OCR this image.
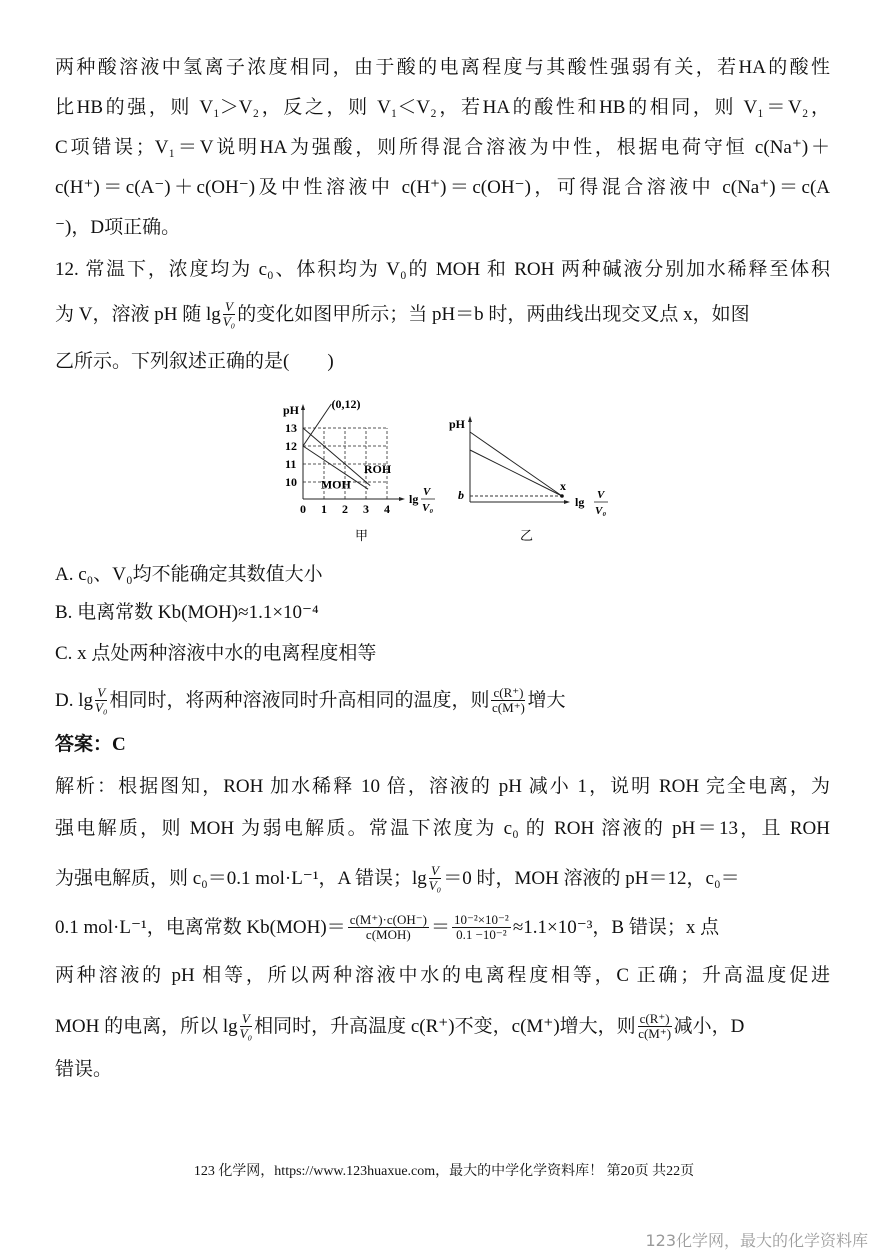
两种酸溶液中氢离子浓度相同，由于酸的电离程度与其酸性强弱有关，若HA的酸性
比HB的强，则 V₁＞V₂，反之，则 V₁＜V₂，若HA的酸性和HB的相同，则 V₁＝V₂，
C项错误；V₁＝V说明HA为强酸，则所得混合溶液为中性，根据电荷守恒 c(Na⁺)＋
c(H⁺)＝c(A⁻)＋c(OH⁻)及中性溶液中 c(H⁺)＝c(OH⁻)，可得混合溶液中 c(Na⁺)＝c(A
⁻)，D项正确。
12. 常温下，浓度均为 c₀、体积均为 V₀的 MOH 和 ROH 两种碱液分别加水稀释至体积
为 V，溶液 pH 随 $\lg \frac{V}{\text{V₀}}$ 的变化如图甲所示；当 pH＝b 时，两曲线出现交叉点 x，如图
乙所示。下列叙述正确的是(　　)
0 1 2 3 4
10
11
12
13
pH
ROH
MOH
(0,12)
lg V
V₀
甲
pH
b
x
lg V
V₀
乙
A. c₀、V₀均不能确定其数值大小
B. 电离常数 Kb(MOH)≈1.1×10⁻⁴
C. x 点处两种溶液中水的电离程度相等
D. $\lg \frac{V}{\text{V₀}}$ 相同时，将两种溶液同时升高相同的温度，则 $\frac{c(R^+)}{c(M^+)}$ 增大
答案：C
解析：根据图知，ROH 加水稀释 10 倍，溶液的 pH 减小 1，说明 ROH 完全电离，为
强电解质，则 MOH 为弱电解质。常温下浓度为 c₀ 的 ROH 溶液的 pH＝13，且 ROH
为强电解质，则 c₀＝0.1 mol·L⁻¹，A 错误；$\lg \frac{V}{\text{V₀}} =0$ 时，MOH 溶液的 pH＝12，c₀＝
0.1 mol·L⁻¹，电离常数 $Kb(MOH)= \frac{c(M^+)\cdot c(OH^-)}{\text{c(MOH)}} = \frac{\text{10⁻²×10⁻²}}{\text{0.1 −10⁻²}} \approx 1.1\times 10^{-3}$，B 错误；x 点
两种溶液的 pH 相等，所以两种溶液中水的电离程度相等，C 正确；升高温度促进
MOH 的电离，所以 $\lg \frac{V}{\text{V₀}}$ 相同时，升高温度 c(R⁺)不变，c(M⁺)增大，则 $\frac{c(R^+)}{c(M^+)}$ 减小，D
错误。
123 化学网，https://www.123huaxue.com，最大的中学化学资料库！ 第20页 共22页
123化学网，最大的化学资料库
